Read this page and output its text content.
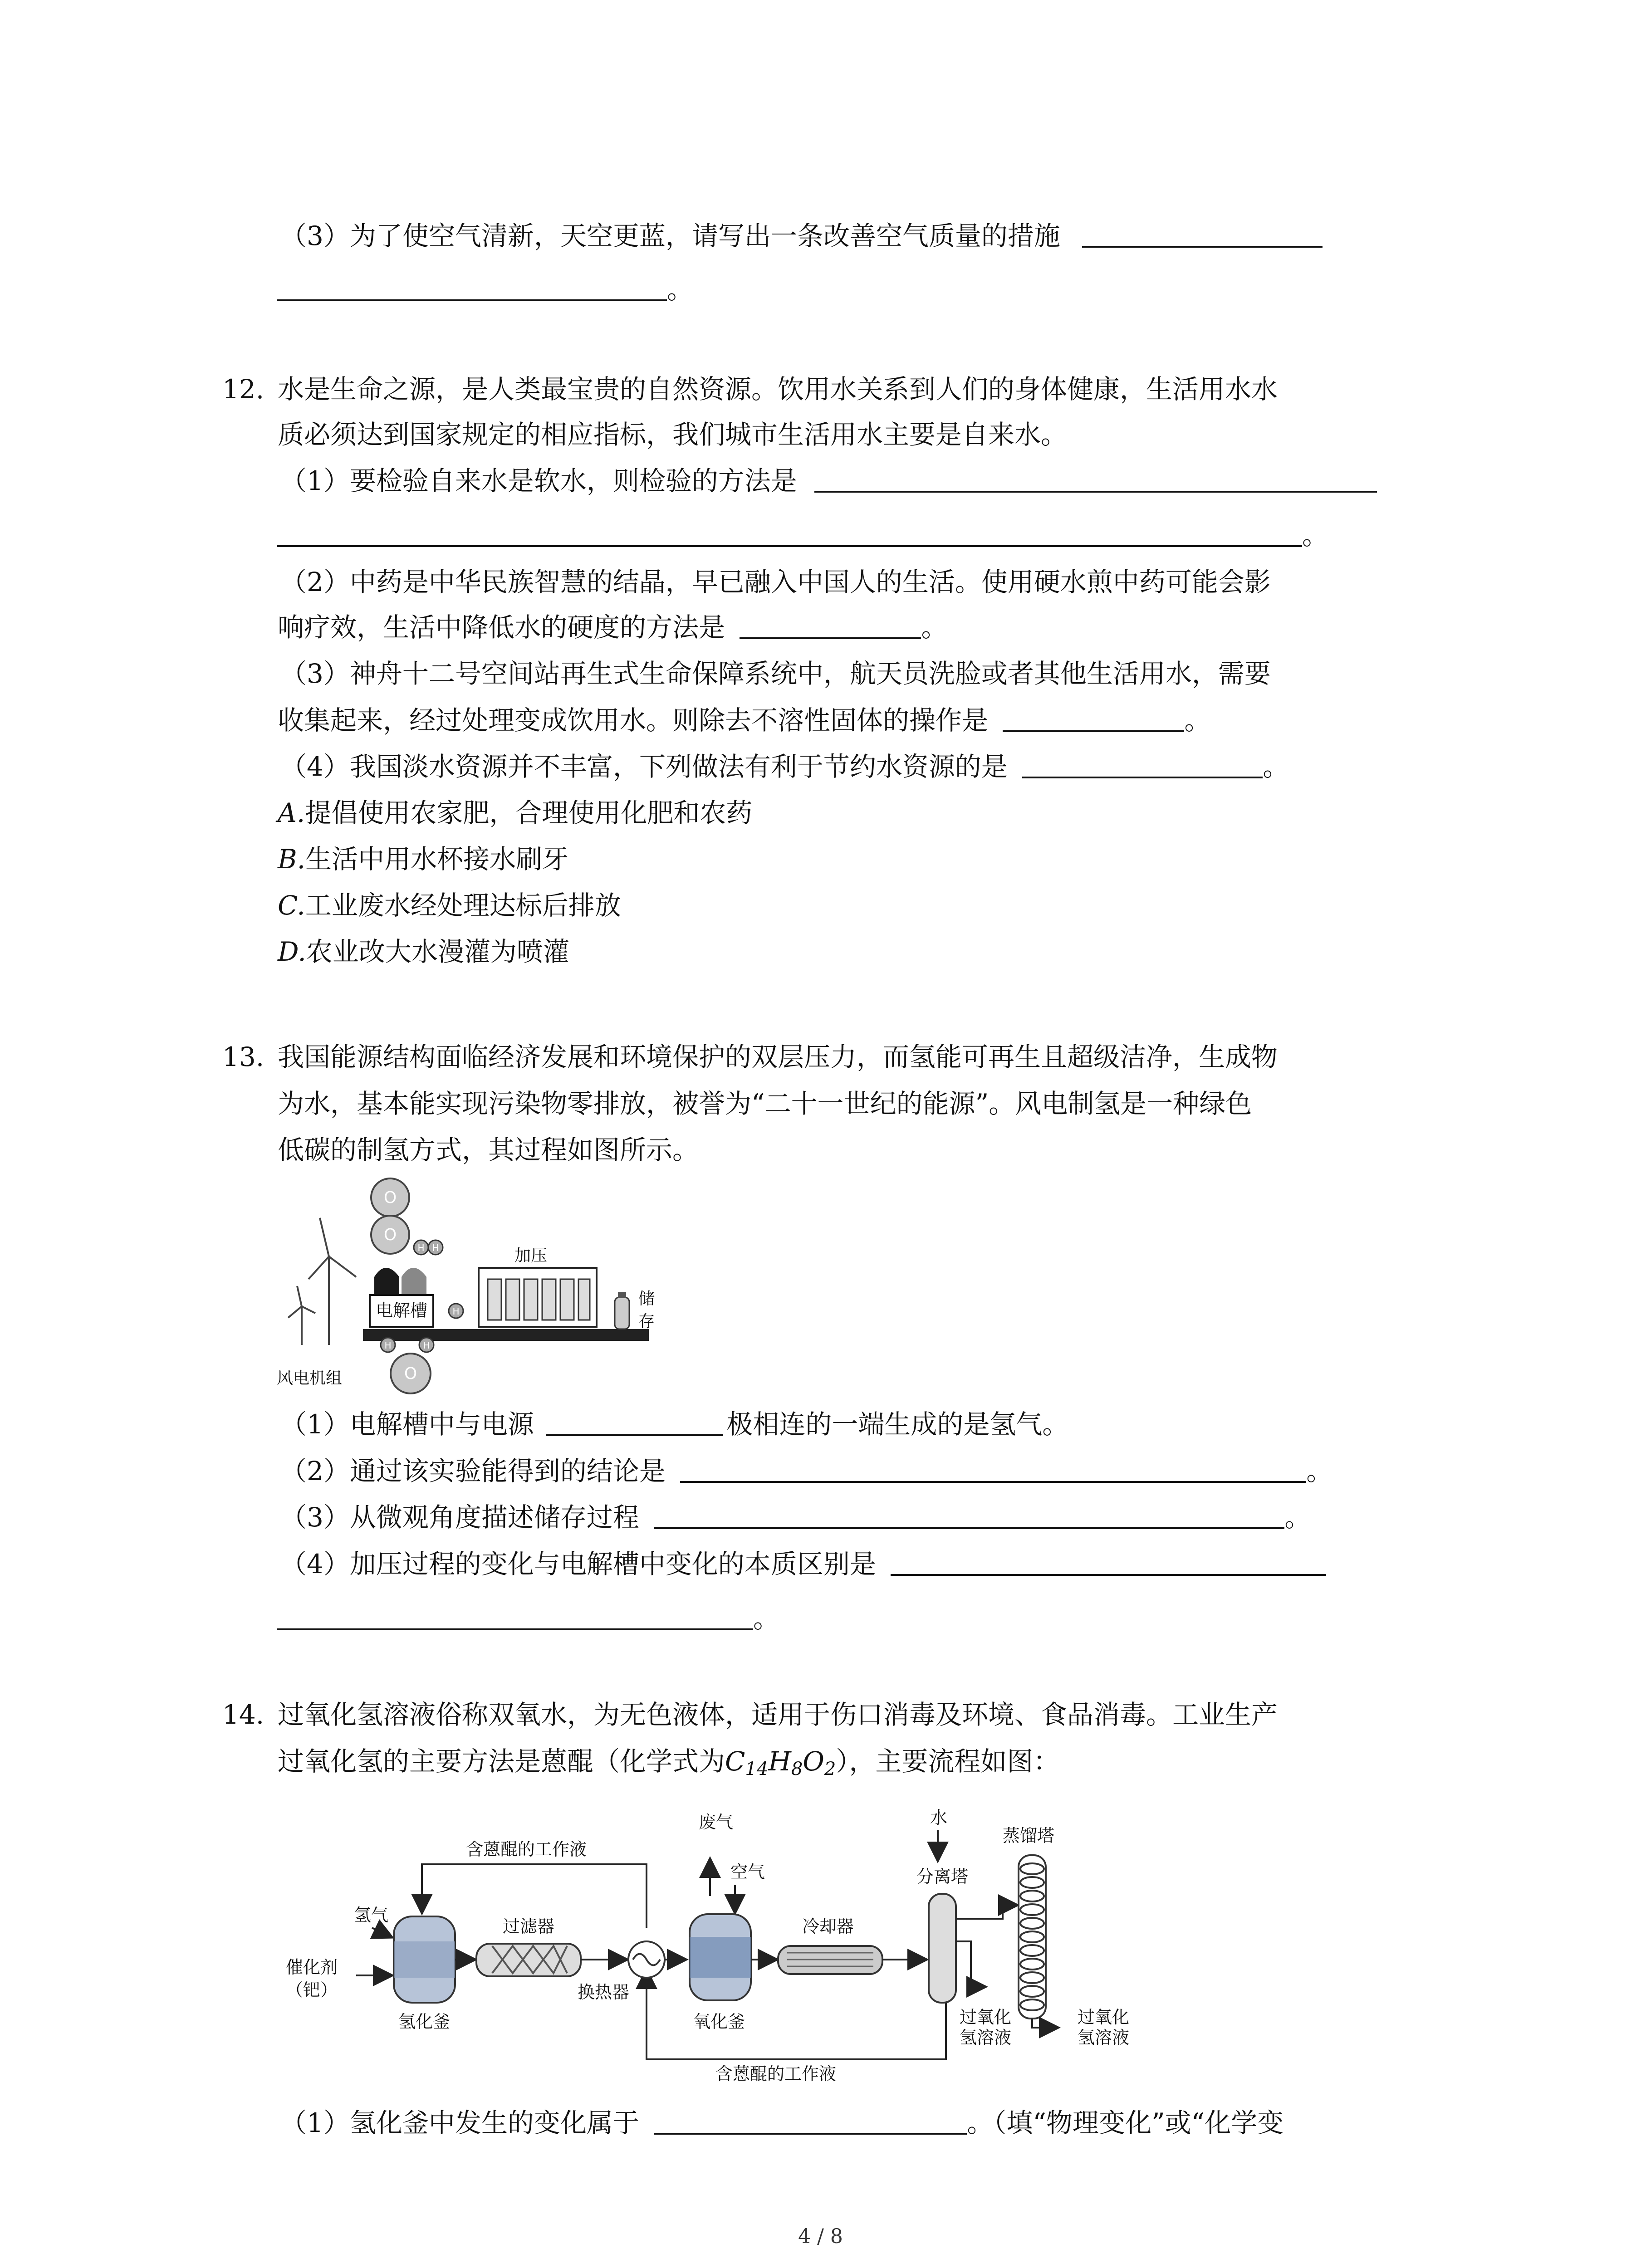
（3）为了使空气清新，天空更蓝，请写出一条改善空气质量的措施
。
12. 水是生命之源，是人类最宝贵的自然资源。饮用水关系到人们的身体健康，生活用水水
质必须达到国家规定的相应指标，我们城市生活用水主要是自来水。
（1）要检验自来水是软水，则检验的方法是
。
（2）中药是中华民族智慧的结晶，早已融入中国人的生活。使用硬水煎中药可能会影
响疗效，生活中降低水的硬度的方法是	。
（3）神舟十二号空间站再生式生命保障系统中，航天员洗脸或者其他生活用水，需要
收集起来，经过处理变成饮用水。则除去不溶性固体的操作是	。
（4）我国淡水资源并不丰富，下列做法有利于节约水资源的是	。
A.提倡使用农家肥，合理使用化肥和农药
B.生活中用水杯接水刷牙
C.工业废水经处理达标后排放
D.农业改大水漫灌为喷灌
13. 我国能源结构面临经济发展和环境保护的双层压力，而氢能可再生且超级洁净，生成物
为水，基本能实现污染物零排放，被誉为“二十一世纪的能源”。风电制氢是一种绿色
低碳的制氢方式，其过程如图所示。
O
O
H H
电解槽	H
加压
储
存
H	H
O
风电机组
（1）电解槽中与电源	极相连的一端生成的是氢气。
（2）通过该实验能得到的结论是	。
（3）从微观角度描述储存过程	。
（4）加压过程的变化与电解槽中变化的本质区别是
。
14. 过氧化氢溶液俗称双氧水，为无色液体，适用于伤口消毒及环境、食品消毒。工业生产
过氧化氢的主要方法是蒽醌（化学式为$C_{14}H_8O_2$），主要流程如图：
含蒽醌的工作液
含蒽醌的工作液
氢气
催化剂
（钯）
氢化釜
过滤器
换热器
废气
空气
氧化釜
冷却器
水
分离塔
过氧化
氢溶液
蒸馏塔
过氧化
氢溶液
（1）氢化釜中发生的变化属于	。（填“物理变化”或“化学变
4 / 8
